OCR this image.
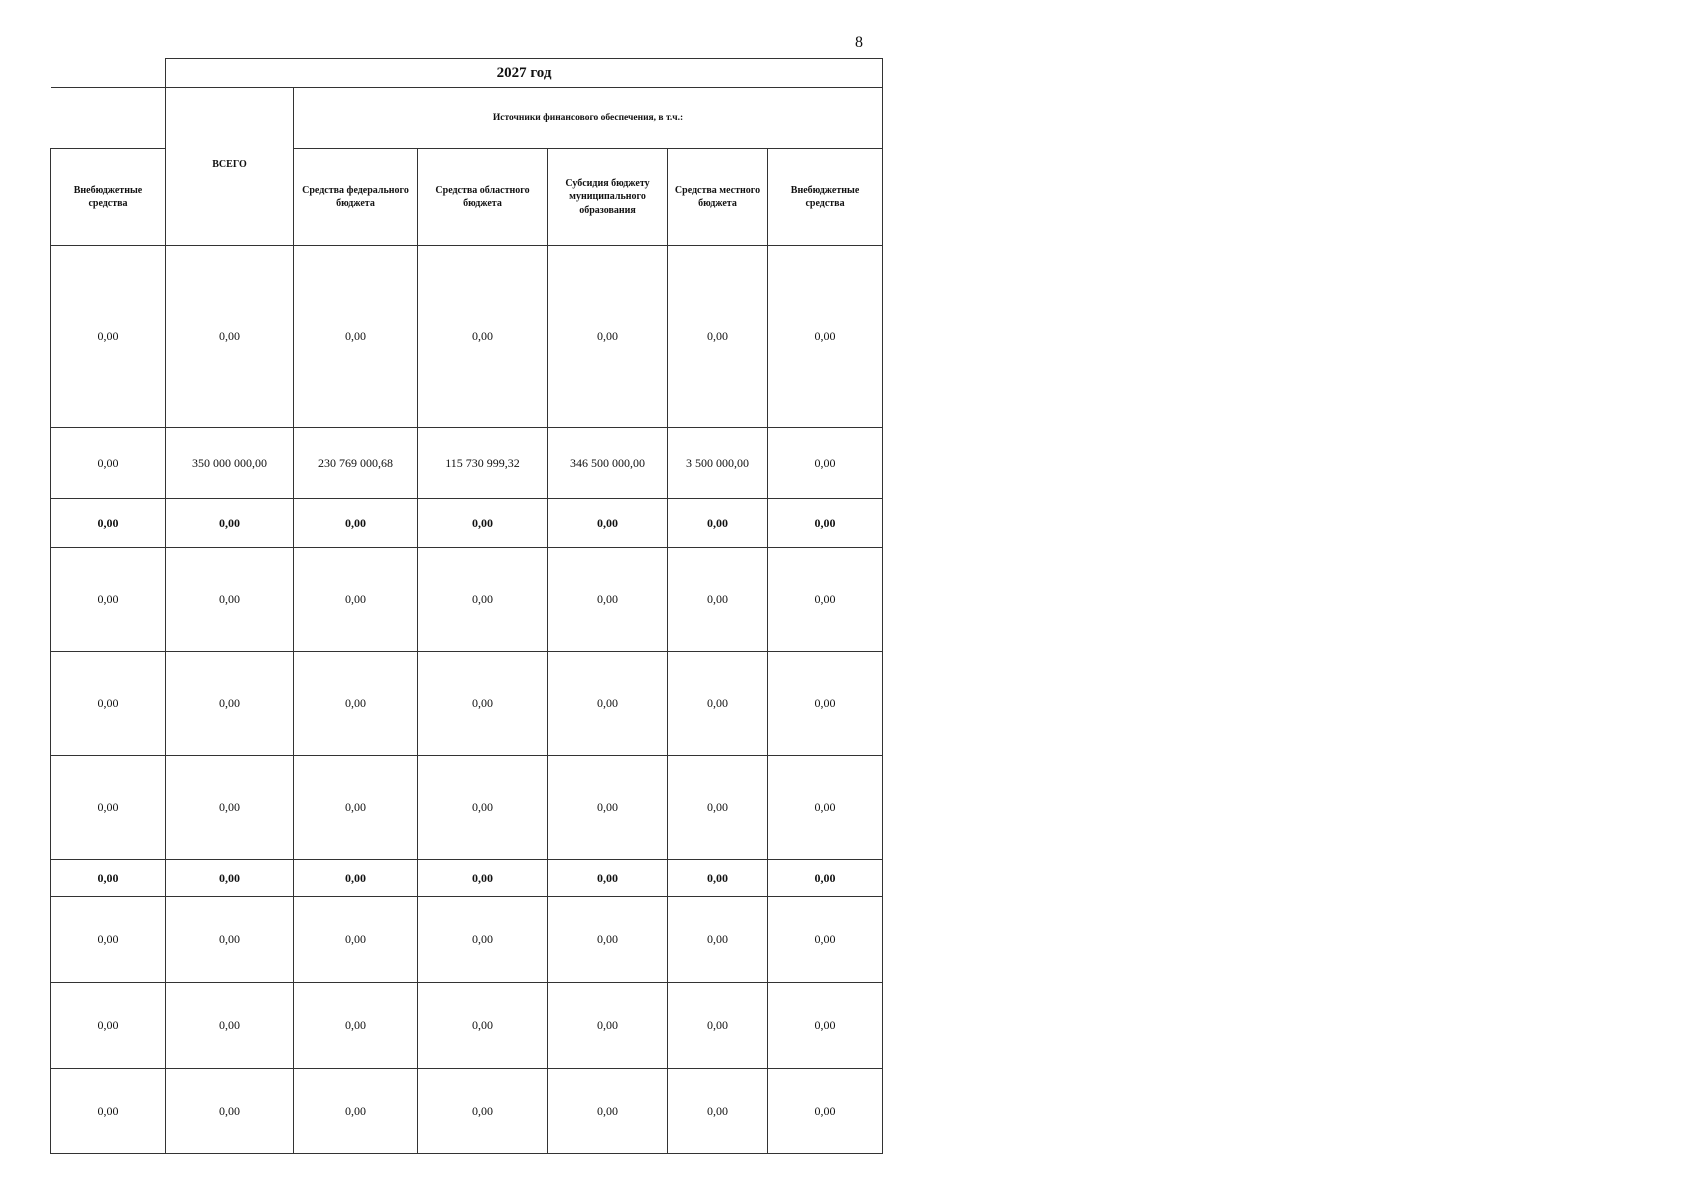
8
	2027 год					
	ВСЕГО	Источники финансового обеспечения, в т.ч.:				
Внебюджетные средства		Средства федерального бюджета	Средства областного бюджета	Субсидия бюджету муниципального образования	Средства местного бюджета	Внебюджетные средства
0,00	0,00	0,00	0,00	0,00	0,00	0,00
0,00	350 000 000,00	230 769 000,68	115 730 999,32	346 500 000,00	3 500 000,00	0,00
0,00	0,00	0,00	0,00	0,00	0,00	0,00
0,00	0,00	0,00	0,00	0,00	0,00	0,00
0,00	0,00	0,00	0,00	0,00	0,00	0,00
0,00	0,00	0,00	0,00	0,00	0,00	0,00
0,00	0,00	0,00	0,00	0,00	0,00	0,00
0,00	0,00	0,00	0,00	0,00	0,00	0,00
0,00	0,00	0,00	0,00	0,00	0,00	0,00
0,00	0,00	0,00	0,00	0,00	0,00	0,00
